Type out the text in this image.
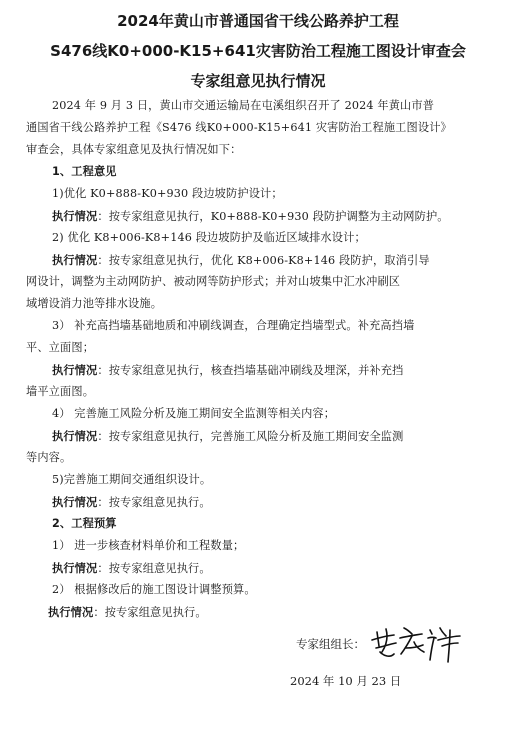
2024年黄山市普通国省干线公路养护工程
S476线K0+000-K15+641灾害防治工程施工图设计审查会
专家组意见执行情况
2024 年 9 月 3 日，黄山市交通运输局在屯溪组织召开了 2024 年黄山市普
通国省干线公路养护工程《S476 线K0+000-K15+641 灾害防治工程施工图设计》
审查会，具体专家组意见及执行情况如下：
1、工程意见
1)优化 K0+888-K0+930 段边坡防护设计；
执行情况：按专家组意见执行，K0+888-K0+930 段防护调整为主动网防护。
2) 优化 K8+006-K8+146 段边坡防护及临近区域排水设计；
执行情况：按专家组意见执行，优化 K8+006-K8+146 段防护，取消引导
网设计，调整为主动网防护、被动网等防护形式；并对山坡集中汇水冲刷区
域增设消力池等排水设施。
3） 补充高挡墙基础地质和冲刷线调查，合理确定挡墙型式。补充高挡墙
平、立面图；
执行情况：按专家组意见执行，核查挡墙基础冲刷线及埋深，并补充挡
墙平立面图。
4） 完善施工风险分析及施工期间安全监测等相关内容；
执行情况：按专家组意见执行，完善施工风险分析及施工期间安全监测
等内容。
5)完善施工期间交通组织设计。
执行情况：按专家组意见执行。
2、工程预算
1） 进一步核查材料单价和工程数量；
执行情况：按专家组意见执行。
2） 根据修改后的施工图设计调整预算。
执行情况：按专家组意见执行。
专家组组长：
2024 年 10 月 23 日
